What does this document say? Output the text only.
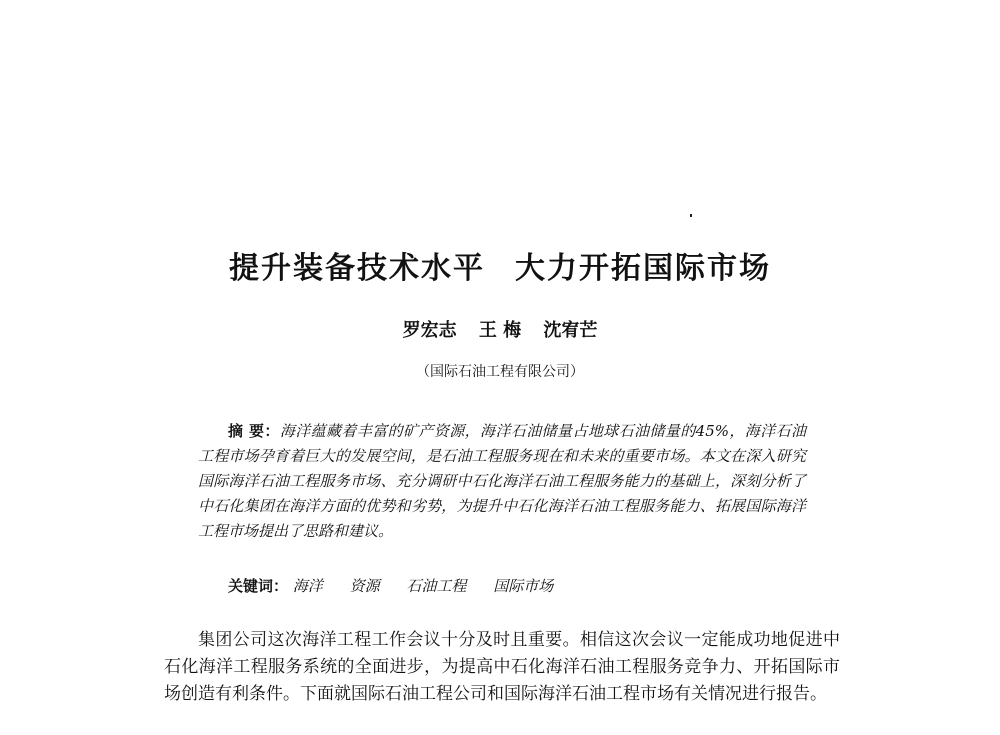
提升装备技术水平 大力开拓国际市场
罗宏志 王 梅 沈宥芒
（国际石油工程有限公司）
摘 要：海洋蕴藏着丰富的矿产资源，海洋石油储量占地球石油储量的45%，海洋石油工程市场孕育着巨大的发展空间，是石油工程服务现在和未来的重要市场。本文在深入研究国际海洋石油工程服务市场、充分调研中石化海洋石油工程服务能力的基础上，深刻分析了中石化集团在海洋方面的优势和劣势，为提升中石化海洋石油工程服务能力、拓展国际海洋工程市场提出了思路和建议。
关键词： 海洋 资源 石油工程 国际市场
集团公司这次海洋工程工作会议十分及时且重要。相信这次会议一定能成功地促进中石化海洋工程服务系统的全面进步，为提高中石化海洋石油工程服务竞争力、开拓国际市场创造有利条件。下面就国际石油工程公司和国际海洋石油工程市场有关情况进行报告。
